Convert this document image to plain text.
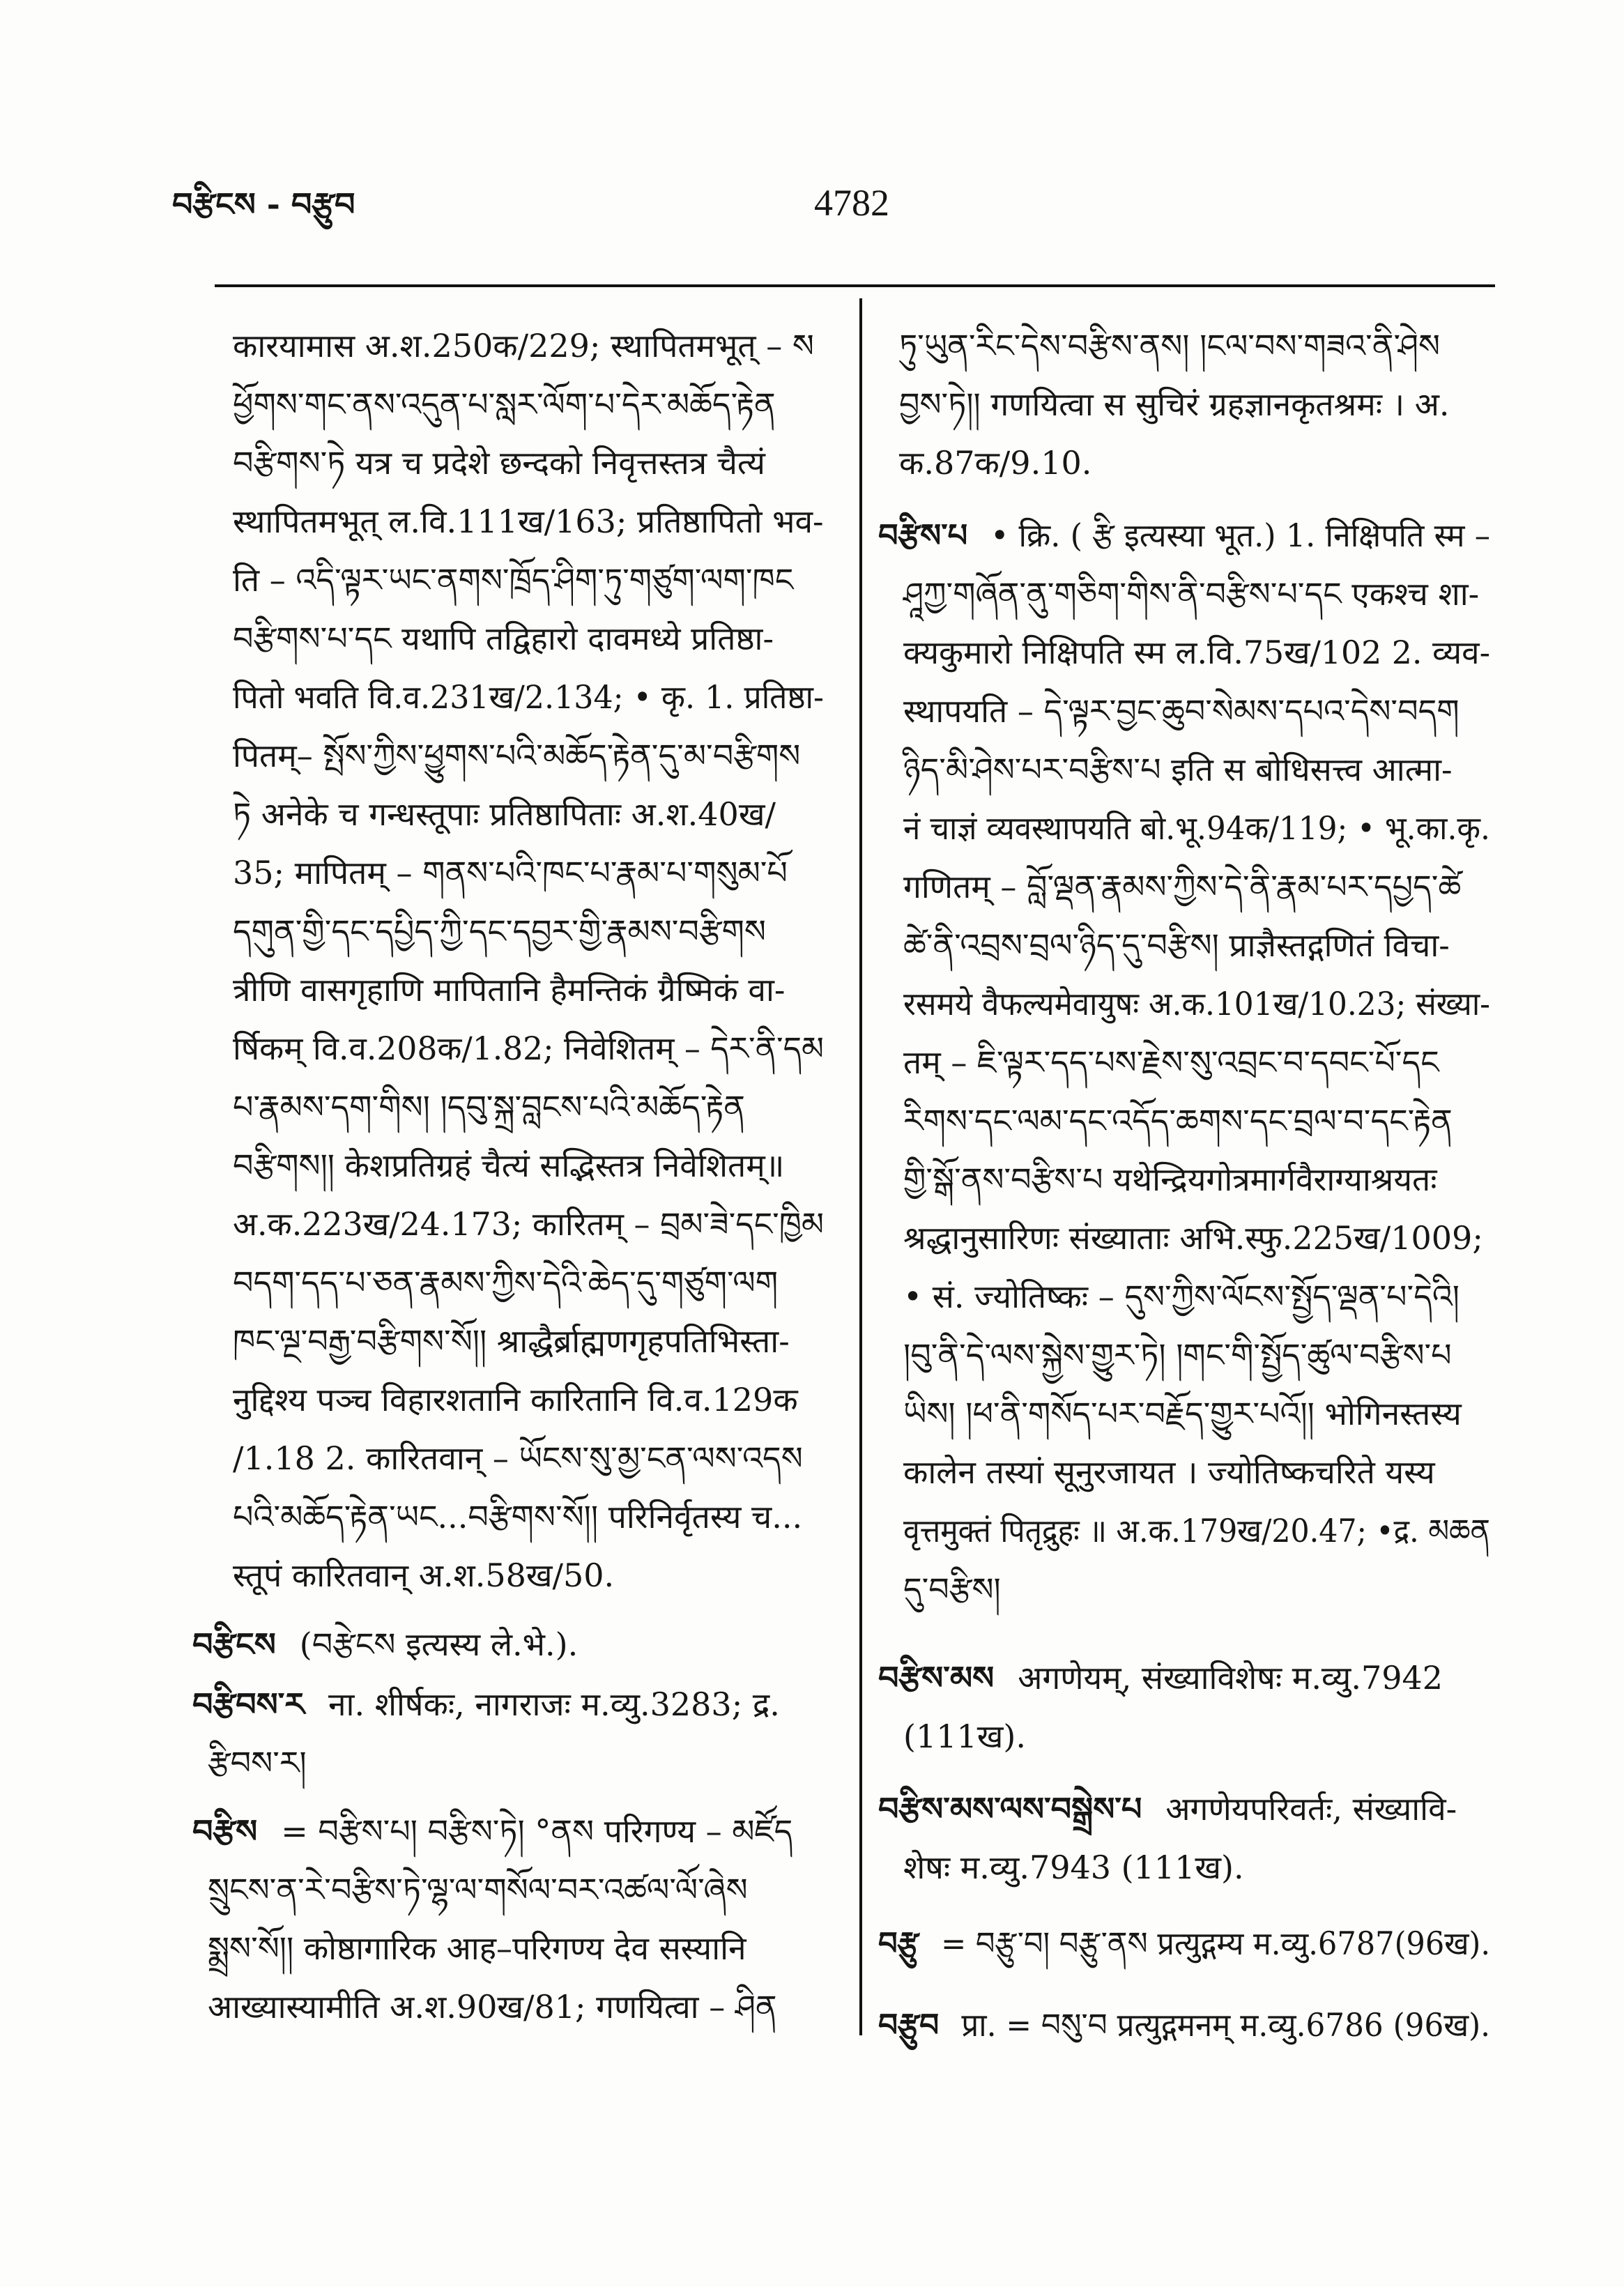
བརྩིངས - བརྩུབ	4782
कारयामास अ.श.250क/229; स्थापितमभूत् – ས
ཕྱོགས་གང་ནས་འདུན་པ་སླར་ལོག་པ་དེར་མཆོད་རྟེན
བརྩིགས་ཏེ यत्र च प्रदेशे छन्दको निवृत्तस्तत्र चैत्यं
स्थापितमभूत् ल.वि.111ख/163; प्रतिष्ठापितो भव-
ति – འདི་ལྟར་ཡང་ནགས་ཁྲོད་ཤིག་ཏུ་གཙུག་ལག་ཁང
བརྩིགས་པ་དང यथापि तद्विहारो दावमध्ये प्रतिष्ठा-
पितो भवति वि.व.231ख/2.134; • कृ. 1. प्रतिष्ठा-
पितम्– སྤོས་ཀྱིས་ཕྱུགས་པའི་མཆོད་རྟེན་དུ་མ་བརྩིགས
ཏེ अनेके च गन्धस्तूपाः प्रतिष्ठापिताः अ.श.40ख/
35; मापितम् – གནས་པའི་ཁང་པ་རྣམ་པ་གསུམ་པོ
དགུན་གྱི་དང་དཔྱིད་ཀྱི་དང་དབྱར་གྱི་རྣམས་བརྩིགས
त्रीणि वासगृहाणि मापितानि हैमन्तिकं ग्रैष्मिकं वा-
र्षिकम् वि.व.208क/1.82; निवेशितम् – དེར་ནི་དམ
པ་རྣམས་དག་གིས། །དབུ་སྐྲ་བླངས་པའི་མཆོད་རྟེན
བརྩིགས།། केशप्रतिग्रहं चैत्यं सद्भिस्तत्र निवेशितम्॥
अ.क.223ख/24.173; कारितम् – བྲམ་ཟེ་དང་ཁྱིམ
བདག་དད་པ་ཅན་རྣམས་ཀྱིས་དེའི་ཆེད་དུ་གཙུག་ལག
ཁང་ལྔ་བརྒྱ་བརྩིགས་སོ།། श्राद्धैर्ब्राह्मणगृहपतिभिस्ता-
नुद्दिश्य पञ्च विहारशतानि कारितानि वि.व.129क
/1.18 2. कारितवान् – ཡོངས་སུ་མྱ་ངན་ལས་འདས
པའི་མཆོད་རྟེན་ཡང...བརྩིགས་སོ།། परिनिर्वृतस्य च...
स्तूपं कारितवान् अ.श.58ख/50.
བརྩིངས (བརྩེངས इत्यस्य ले.भे.).
བརྩིབས་ར ना. शीर्षकः, नागराजः म.व्यु.3283; द्र.
རྩིབས་ར།
བརྩིས = བརྩིས་པ། བརྩིས་ཏེ། °ནས परिगण्य – མཛོད
སྲུངས་ན་རེ་བརྩིས་ཏེ་ལྷ་ལ་གསོལ་བར་འཚལ་ལོ་ཞེས
སྨྲས་སོ།། कोष्ठागारिक आह–परिगण्य देव सस्यानि
आख्यास्यामीति अ.श.90ख/81; गणयित्वा – ཤིན
ཏུ་ཡུན་རིང་དེས་བརྩིས་ནས། །ངལ་བས་གཟའ་ནི་ཤེས
བྱས་ཏེ།། गणयित्वा स सुचिरं ग्रहज्ञानकृतश्रमः । अ.
क.87क/9.10.
བརྩིས་པ • क्रि. ( རྩི इत्यस्या भूत.) 1. निक्षिपति स्म –
ཤཱཀྱ་གཞོན་ནུ་གཅིག་གིས་ནི་བརྩིས་པ་དང एकश्च शा-
क्यकुमारो निक्षिपति स्म ल.वि.75ख/102 2. व्यव-
स्थापयति – དེ་ལྟར་བྱང་ཆུབ་སེམས་དཔའ་དེས་བདག
ཉིད་མི་ཤེས་པར་བརྩིས་པ इति स बोधिसत्त्व आत्मा-
नं चाज्ञं व्यवस्थापयति बो.भू.94क/119; • भू.का.कृ.
गणितम् – བློ་ལྡན་རྣམས་ཀྱིས་དེ་ནི་རྣམ་པར་དཔྱད་ཚེ
ཚེ་ནི་འབྲས་བྲལ་ཉིད་དུ་བརྩིས། प्राज्ञैस्तद्गणितं विचा-
रसमये वैफल्यमेवायुषः अ.क.101ख/10.23; संख्या-
तम् – ཇི་ལྟར་དད་པས་རྗེས་སུ་འབྲང་བ་དབང་པོ་དང
རིགས་དང་ལམ་དང་འདོད་ཆགས་དང་བྲལ་བ་དང་རྟེན
གྱི་སྒོ་ནས་བརྩིས་པ यथेन्द्रियगोत्रमार्गवैराग्याश्रयतः
श्रद्धानुसारिणः संख्याताः अभि.स्फु.225ख/1009;
• सं. ज्योतिष्कः – དུས་ཀྱིས་ལོངས་སྤྱོད་ལྡན་པ་དེའི།
།བུ་ནི་དེ་ལས་སྐྱེས་གྱུར་ཏེ། །གང་གི་སྤྱོད་ཚུལ་བརྩིས་པ
ཡིས། །ཕ་ནི་གསོད་པར་བརྗོད་གྱུར་པའོ།། भोगिनस्तस्य
कालेन तस्यां सूनुरजायत । ज्योतिष्कचरिते यस्य
वृत्तमुक्तं पितृद्रुहः ॥ अ.क.179ख/20.47; •द्र. མཆན
དུ་བརྩིས།
བརྩིས་མས अगणेयम्, संख्याविशेषः म.व्यु.7942
(111ख).
བརྩིས་མས་ལས་བསྒྲེས་པ अगणेयपरिवर्तः, संख्यावि-
शेषः म.व्यु.7943 (111ख).
བརྩུ = བརྩུ་བ། བརྩུ་ནས प्रत्युद्गम्य म.व्यु.6787(96ख).
བརྩུབ प्रा. = བསུ་བ प्रत्युद्गमनम् म.व्यु.6786 (96ख).
